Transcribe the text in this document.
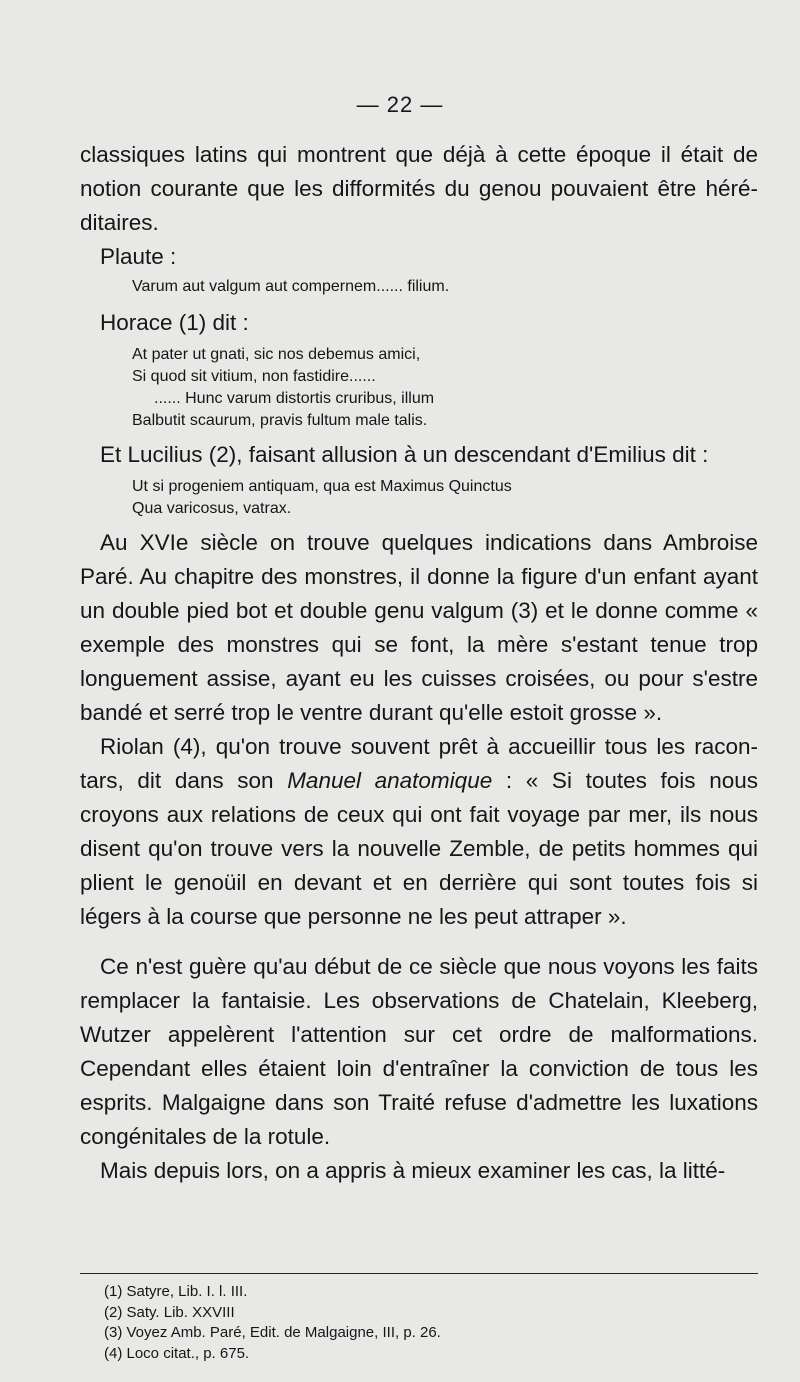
— 22 —

classiques latins qui montrent que déjà à cette époque il était de notion courante que les difformités du genou pouvaient être héré-ditaires.

Plaute :

Varum aut valgum aut compernem...... filium.

Horace (1) dit :

At pater ut gnati, sic nos debemus amici,

Si quod sit vitium, non fastidire......

...... Hunc varum distortis cruribus, illum

Balbutit scaurum, pravis fultum male talis.

Et Lucilius (2), faisant allusion à un descendant d'Emilius dit :

Ut si progeniem antiquam, qua est Maximus Quinctus

Qua varicosus, vatrax.

Au XVIe siècle on trouve quelques indications dans Ambroise Paré. Au chapitre des monstres, il donne la figure d'un enfant ayant un double pied bot et double genu valgum (3) et le donne comme « exemple des monstres qui se font, la mère s'estant tenue trop longuement assise, ayant eu les cuisses croisées, ou pour s'estre bandé et serré trop le ventre durant qu'elle estoit grosse ».

Riolan (4), qu'on trouve souvent prêt à accueillir tous les racon-tars, dit dans son Manuel anatomique : « Si toutes fois nous croyons aux relations de ceux qui ont fait voyage par mer, ils nous disent qu'on trouve vers la nouvelle Zemble, de petits hommes qui plient le genoüil en devant et en derrière qui sont toutes fois si légers à la course que personne ne les peut attraper ».

Ce n'est guère qu'au début de ce siècle que nous voyons les faits remplacer la fantaisie. Les observations de Chatelain, Kleeberg, Wutzer appelèrent l'attention sur cet ordre de malformations. Cependant elles étaient loin d'entraîner la conviction de tous les esprits. Malgaigne dans son Traité refuse d'admettre les luxations congénitales de la rotule.

Mais depuis lors, on a appris à mieux examiner les cas, la litté-

(1) Satyre, Lib. I. l. III.
(2) Saty. Lib. XXVIII
(3) Voyez Amb. Paré, Edit. de Malgaigne, III, p. 26.
(4) Loco citat., p. 675.
